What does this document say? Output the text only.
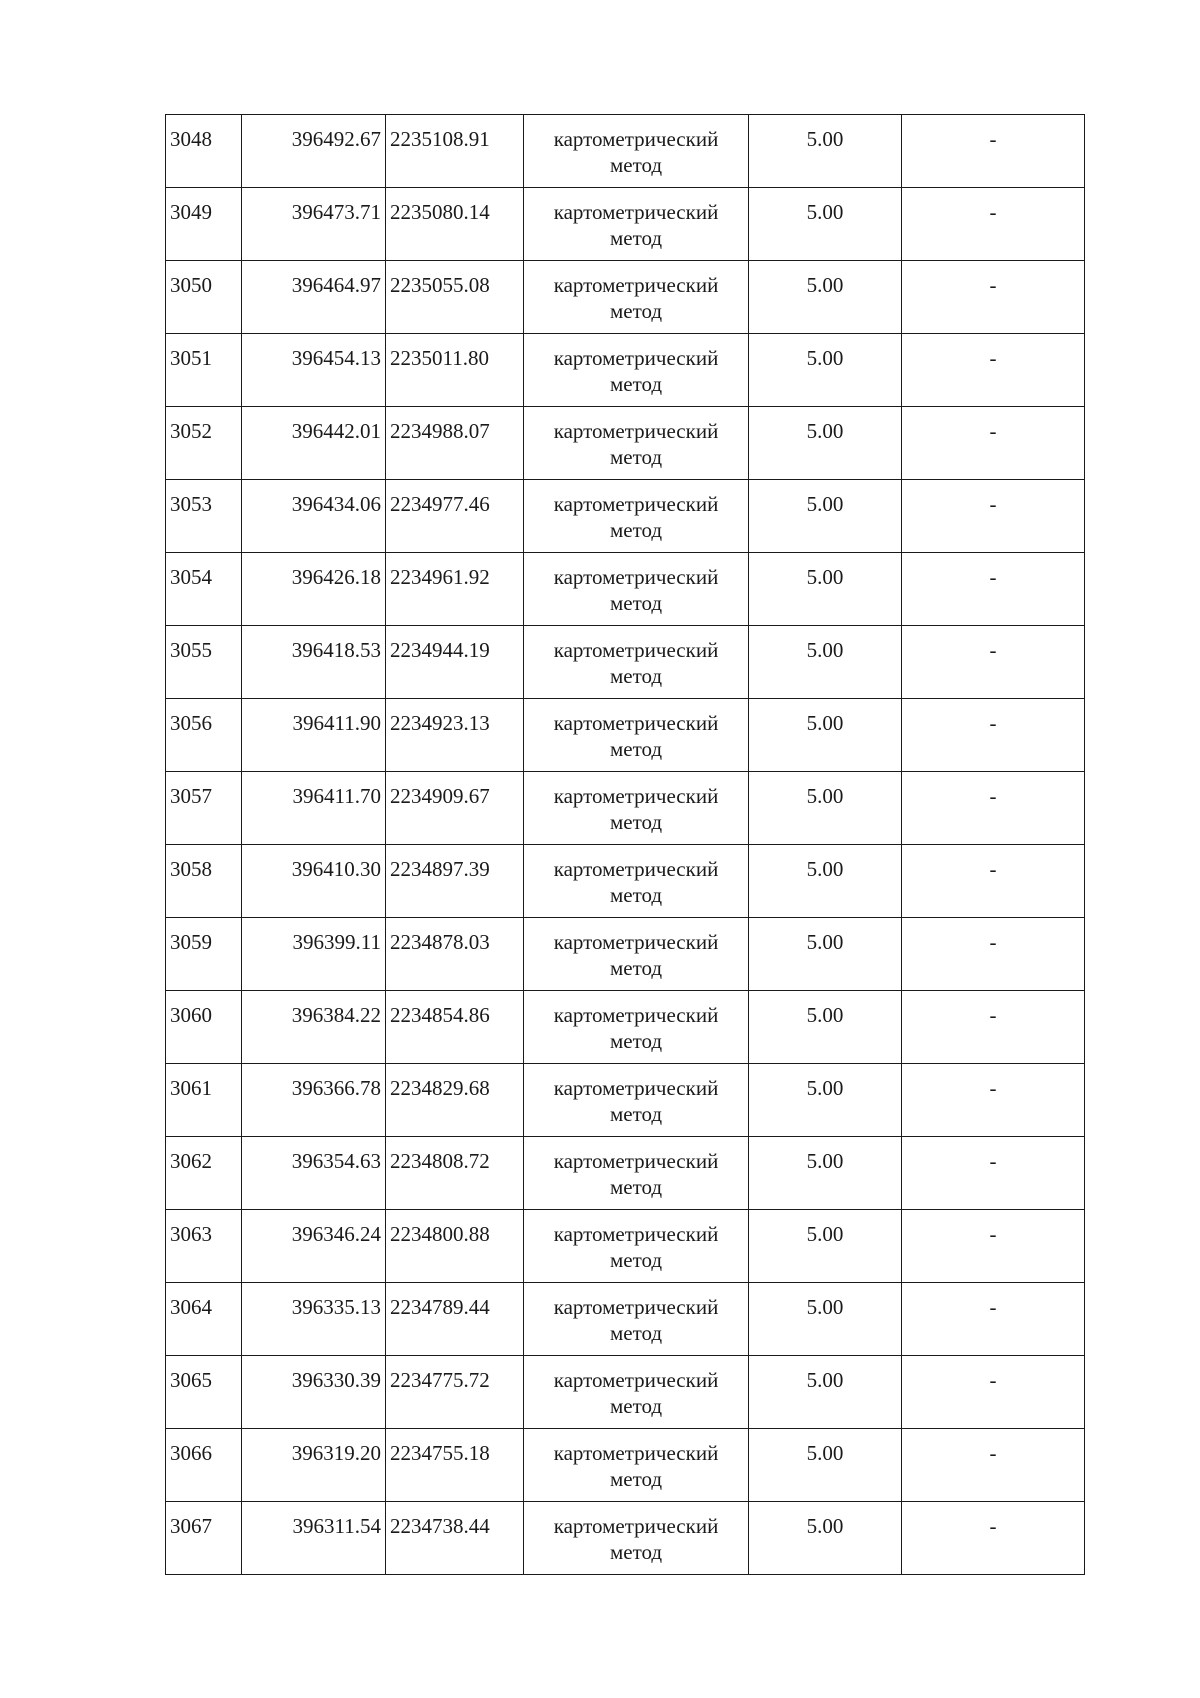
3048	396492.67	2235108.91	картометрический метод	5.00	-
3049	396473.71	2235080.14	картометрический метод	5.00	-
3050	396464.97	2235055.08	картометрический метод	5.00	-
3051	396454.13	2235011.80	картометрический метод	5.00	-
3052	396442.01	2234988.07	картометрический метод	5.00	-
3053	396434.06	2234977.46	картометрический метод	5.00	-
3054	396426.18	2234961.92	картометрический метод	5.00	-
3055	396418.53	2234944.19	картометрический метод	5.00	-
3056	396411.90	2234923.13	картометрический метод	5.00	-
3057	396411.70	2234909.67	картометрический метод	5.00	-
3058	396410.30	2234897.39	картометрический метод	5.00	-
3059	396399.11	2234878.03	картометрический метод	5.00	-
3060	396384.22	2234854.86	картометрический метод	5.00	-
3061	396366.78	2234829.68	картометрический метод	5.00	-
3062	396354.63	2234808.72	картометрический метод	5.00	-
3063	396346.24	2234800.88	картометрический метод	5.00	-
3064	396335.13	2234789.44	картометрический метод	5.00	-
3065	396330.39	2234775.72	картометрический метод	5.00	-
3066	396319.20	2234755.18	картометрический метод	5.00	-
3067	396311.54	2234738.44	картометрический метод	5.00	-
